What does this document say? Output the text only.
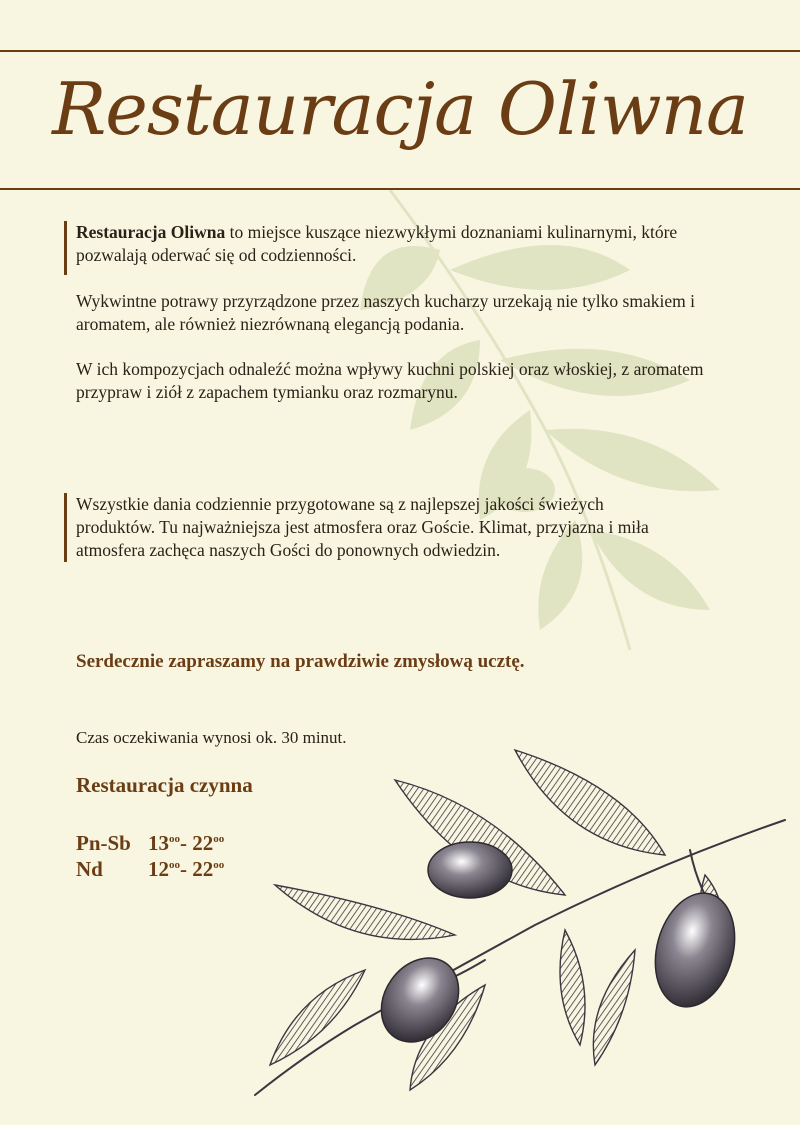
Restauracja Oliwna

Restauracja Oliwna to miejsce kuszące niezwykłymi doznaniami kulinarnymi, które pozwalają oderwać się od codzienności.

Wykwintne potrawy przyrządzone przez naszych kucharzy urzekają nie tylko smakiem i aromatem, ale również niezrównaną elegancją podania.
W ich kompozycjach odnaleźć można wpływy kuchni polskiej oraz włoskiej, z aromatem przypraw i ziół z zapachem tymianku oraz rozmarynu.

Wszystkie dania codziennie przygotowane są z najlepszej jakości świeżych produktów. Tu najważniejsza jest atmosfera oraz Goście. Klimat, przyjazna i miła atmosfera zachęca naszych Gości do ponownych odwiedzin.

Serdecznie zapraszamy na prawdziwie zmysłową ucztę.
Czas oczekiwania wynosi ok. 30 minut.
Restauracja czynna
Pn-Sb $13^{oo}-$ $22^{oo}$
Nd $12^{oo}-$ $22^{oo}$
